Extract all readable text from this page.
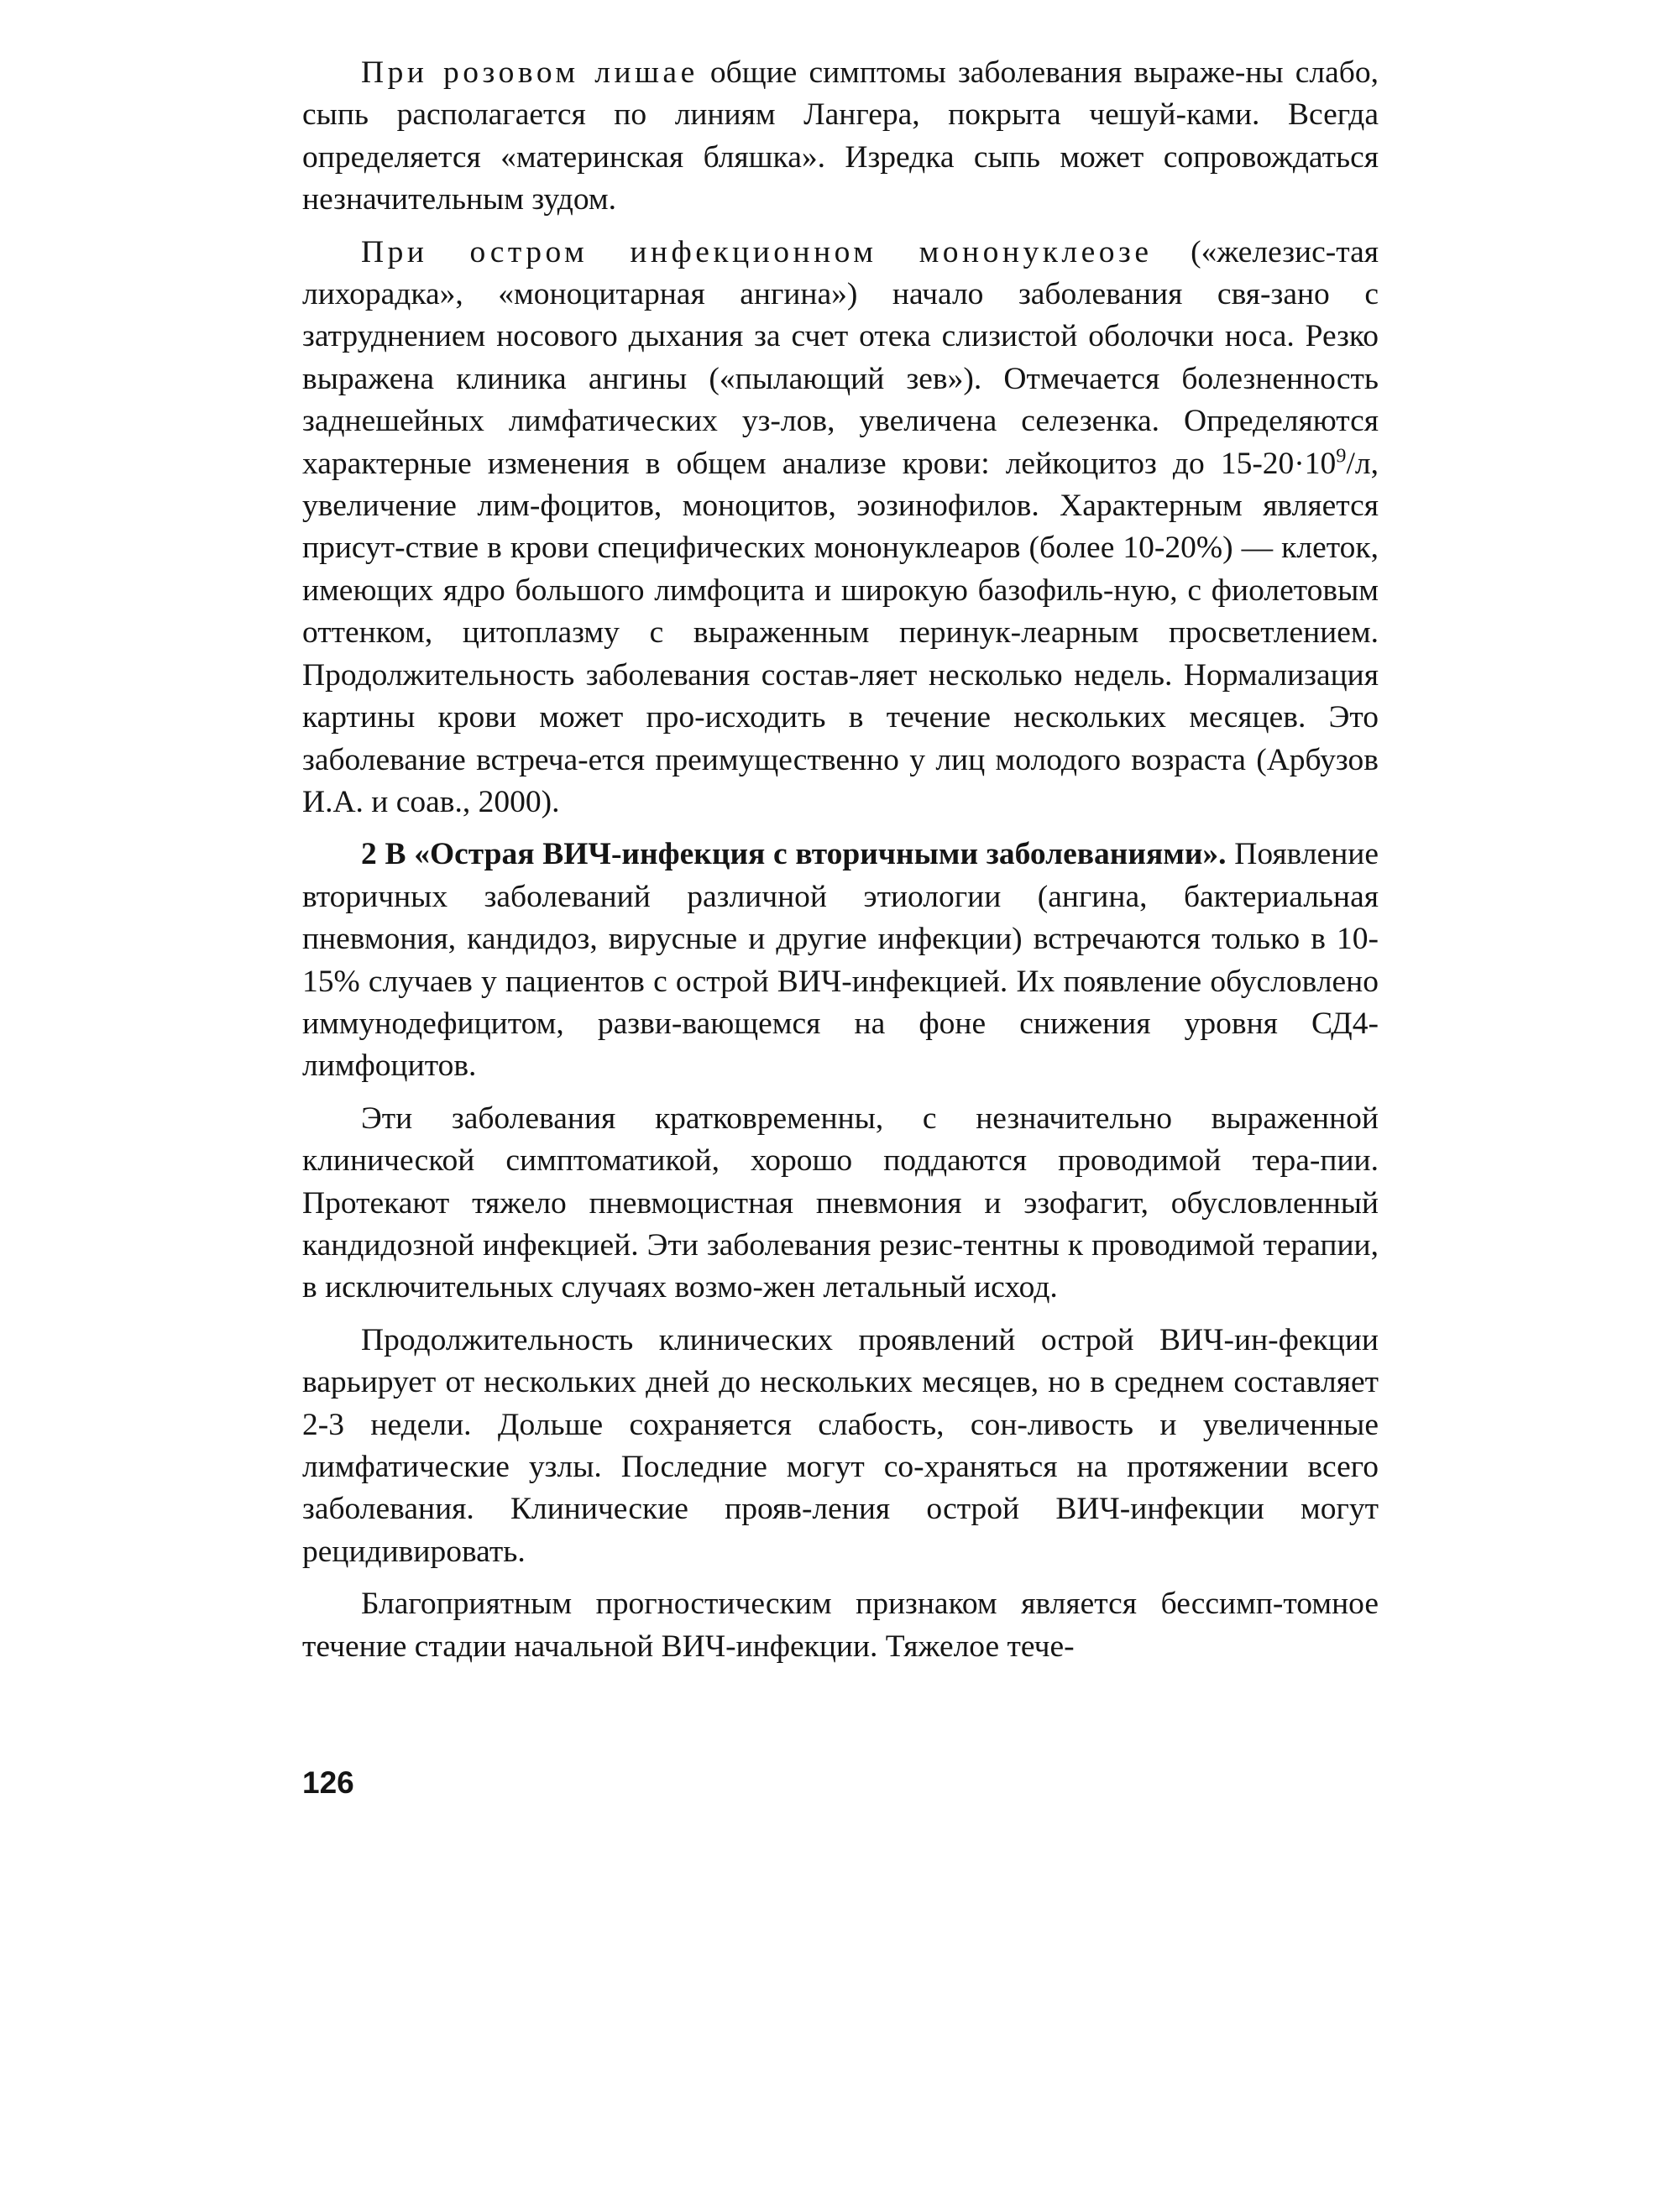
При розовом лишае общие симптомы заболевания выраже-ны слабо, сыпь располагается по линиям Лангера, покрыта чешуй-ками. Всегда определяется «материнская бляшка». Изредка сыпь может сопровождаться незначительным зудом.

При остром инфекционном мононуклеозе («железис-тая лихорадка», «моноцитарная ангина») начало заболевания свя-зано с затруднением носового дыхания за счет отека слизистой оболочки носа. Резко выражена клиника ангины («пылающий зев»). Отмечается болезненность заднешейных лимфатических уз-лов, увеличена селезенка. Определяются характерные изменения в общем анализе крови: лейкоцитоз до $15-20\cdot 10^9/л$, увеличение лим-фоцитов, моноцитов, эозинофилов. Характерным является присут-ствие в крови специфических мононуклеаров (более 10-20%) — клеток, имеющих ядро большого лимфоцита и широкую базофиль-ную, с фиолетовым оттенком, цитоплазму с выраженным перинук-леарным просветлением. Продолжительность заболевания состав-ляет несколько недель. Нормализация картины крови может про-исходить в течение нескольких месяцев. Это заболевание встреча-ется преимущественно у лиц молодого возраста (Арбузов И.А. и соав., 2000).

2 В «Острая ВИЧ-инфекция с вторичными заболеваниями». Появление вторичных заболеваний различной этиологии (ангина, бактериальная пневмония, кандидоз, вирусные и другие инфекции) встречаются только в 10-15% случаев у пациентов с острой ВИЧ-инфекцией. Их появление обусловлено иммунодефицитом, разви-вающемся на фоне снижения уровня СД4- лимфоцитов.

Эти заболевания кратковременны, с незначительно выраженной клинической симптоматикой, хорошо поддаются проводимой тера-пии. Протекают тяжело пневмоцистная пневмония и эзофагит, обусловленный кандидозной инфекцией. Эти заболевания резис-тентны к проводимой терапии, в исключительных случаях возмо-жен летальный исход.

Продолжительность клинических проявлений острой ВИЧ-ин-фекции варьирует от нескольких дней до нескольких месяцев, но в среднем составляет 2-3 недели. Дольше сохраняется слабость, сон-ливость и увеличенные лимфатические узлы. Последние могут со-храняться на протяжении всего заболевания. Клинические прояв-ления острой ВИЧ-инфекции могут рецидивировать.

Благоприятным прогностическим признаком является бессимп-томное течение стадии начальной ВИЧ-инфекции. Тяжелое тече-

126
